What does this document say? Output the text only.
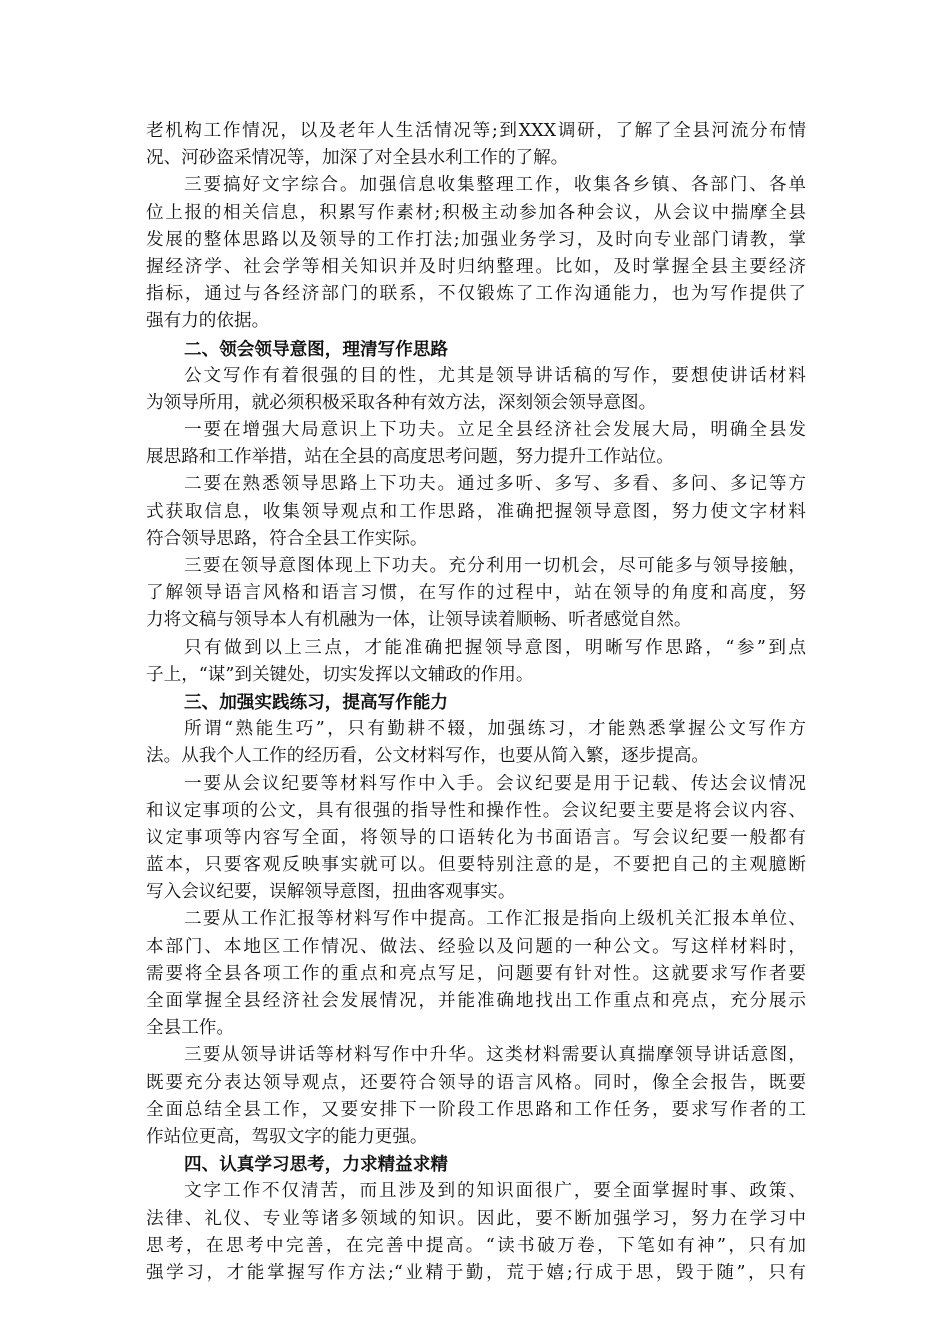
老机构工作情况，以及老年人生活情况等;到XXX调研，了解了全县河流分布情
况、河砂盗采情况等，加深了对全县水利工作的了解。
三要搞好文字综合。加强信息收集整理工作，收集各乡镇、各部门、各单
位上报的相关信息，积累写作素材;积极主动参加各种会议，从会议中揣摩全县
发展的整体思路以及领导的工作打法;加强业务学习，及时向专业部门请教，掌
握经济学、社会学等相关知识并及时归纳整理。比如，及时掌握全县主要经济
指标，通过与各经济部门的联系，不仅锻炼了工作沟通能力，也为写作提供了
强有力的依据。
二、领会领导意图，理清写作思路
公文写作有着很强的目的性，尤其是领导讲话稿的写作，要想使讲话材料
为领导所用，就必须积极采取各种有效方法，深刻领会领导意图。
一要在增强大局意识上下功夫。立足全县经济社会发展大局，明确全县发
展思路和工作举措，站在全县的高度思考问题，努力提升工作站位。
二要在熟悉领导思路上下功夫。通过多听、多写、多看、多问、多记等方
式获取信息，收集领导观点和工作思路，准确把握领导意图，努力使文字材料
符合领导思路，符合全县工作实际。
三要在领导意图体现上下功夫。充分利用一切机会，尽可能多与领导接触，
了解领导语言风格和语言习惯，在写作的过程中，站在领导的角度和高度，努
力将文稿与领导本人有机融为一体，让领导读着顺畅、听者感觉自然。
只有做到以上三点，才能准确把握领导意图，明晰写作思路，“参”到点
子上，“谋”到关键处，切实发挥以文辅政的作用。
三、加强实践练习，提高写作能力
所谓“熟能生巧”，只有勤耕不辍，加强练习，才能熟悉掌握公文写作方
法。从我个人工作的经历看，公文材料写作，也要从简入繁，逐步提高。
一要从会议纪要等材料写作中入手。会议纪要是用于记载、传达会议情况
和议定事项的公文，具有很强的指导性和操作性。会议纪要主要是将会议内容、
议定事项等内容写全面，将领导的口语转化为书面语言。写会议纪要一般都有
蓝本，只要客观反映事实就可以。但要特别注意的是，不要把自己的主观臆断
写入会议纪要，误解领导意图，扭曲客观事实。
二要从工作汇报等材料写作中提高。工作汇报是指向上级机关汇报本单位、
本部门、本地区工作情况、做法、经验以及问题的一种公文。写这样材料时，
需要将全县各项工作的重点和亮点写足，问题要有针对性。这就要求写作者要
全面掌握全县经济社会发展情况，并能准确地找出工作重点和亮点，充分展示
全县工作。
三要从领导讲话等材料写作中升华。这类材料需要认真揣摩领导讲话意图，
既要充分表达领导观点，还要符合领导的语言风格。同时，像全会报告，既要
全面总结全县工作，又要安排下一阶段工作思路和工作任务，要求写作者的工
作站位更高，驾驭文字的能力更强。
四、认真学习思考，力求精益求精
文字工作不仅清苦，而且涉及到的知识面很广，要全面掌握时事、政策、
法律、礼仪、专业等诸多领域的知识。因此，要不断加强学习，努力在学习中
思考，在思考中完善，在完善中提高。“读书破万卷，下笔如有神”，只有加
强学习，才能掌握写作方法;“业精于勤，荒于嬉;行成于思，毁于随”，只有
